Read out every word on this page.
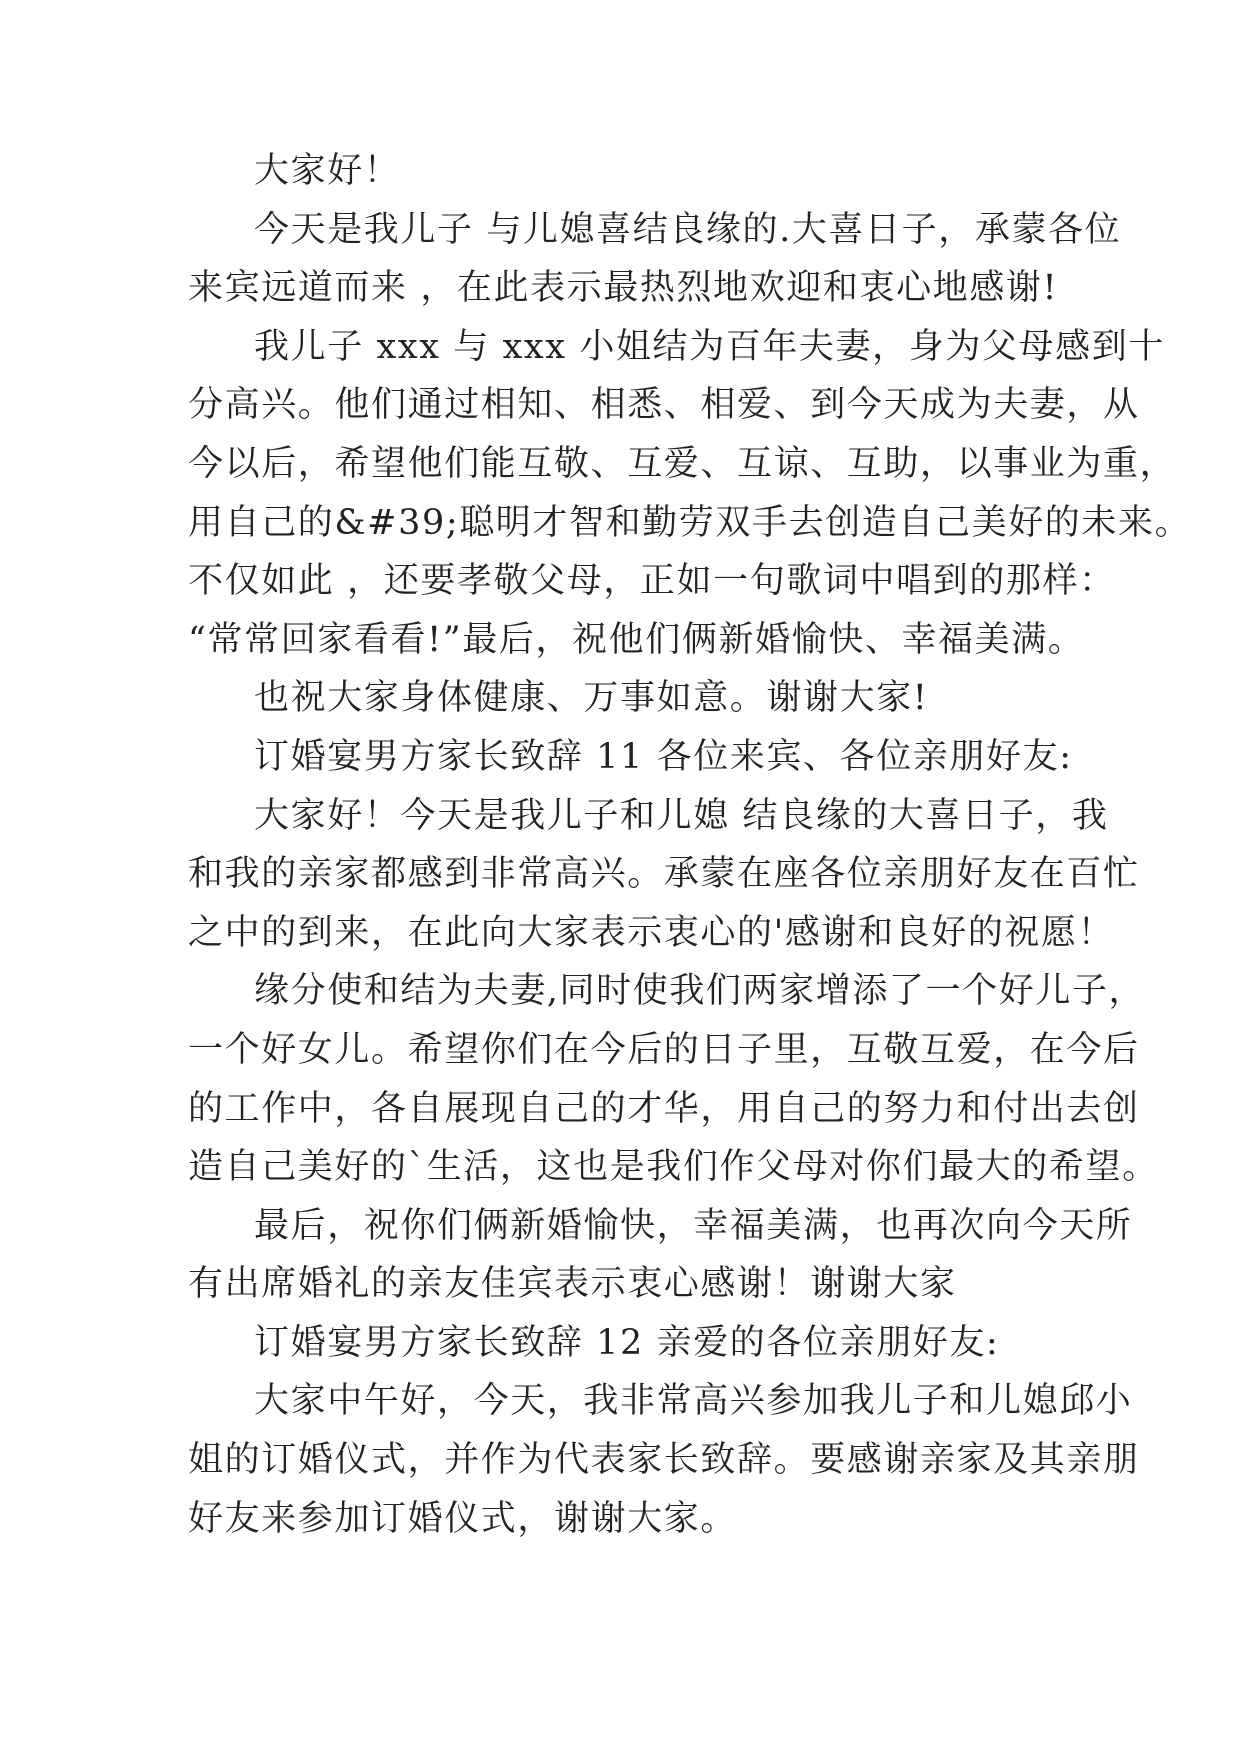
大家好！
今天是我儿子 与儿媳喜结良缘的.大喜日子，承蒙各位
来宾远道而来 ，在此表示最热烈地欢迎和衷心地感谢!
我儿子 xxx 与 xxx 小姐结为百年夫妻，身为父母感到十
分高兴。他们通过相知、相悉、相爱、到今天成为夫妻，从
今以后，希望他们能互敬、互爱、互谅、互助，以事业为重，
用自己的&#39;聪明才智和勤劳双手去创造自己美好的未来。
不仅如此 ，还要孝敬父母，正如一句歌词中唱到的那样：
“常常回家看看!”最后，祝他们俩新婚愉快、幸福美满。
也祝大家身体健康、万事如意。谢谢大家!
订婚宴男方家长致辞 11 各位来宾、各位亲朋好友:
大家好！今天是我儿子和儿媳 结良缘的大喜日子，我
和我的亲家都感到非常高兴。承蒙在座各位亲朋好友在百忙
之中的到来，在此向大家表示衷心的'感谢和良好的祝愿！
缘分使和结为夫妻,同时使我们两家增添了一个好儿子，
一个好女儿。希望你们在今后的日子里，互敬互爱，在今后
的工作中，各自展现自己的才华，用自己的努力和付出去创
造自己美好的`生活，这也是我们作父母对你们最大的希望。
最后，祝你们俩新婚愉快，幸福美满，也再次向今天所
有出席婚礼的亲友佳宾表示衷心感谢！谢谢大家
订婚宴男方家长致辞 12 亲爱的各位亲朋好友:
大家中午好，今天，我非常高兴参加我儿子和儿媳邱小
姐的订婚仪式，并作为代表家长致辞。要感谢亲家及其亲朋
好友来参加订婚仪式，谢谢大家。
